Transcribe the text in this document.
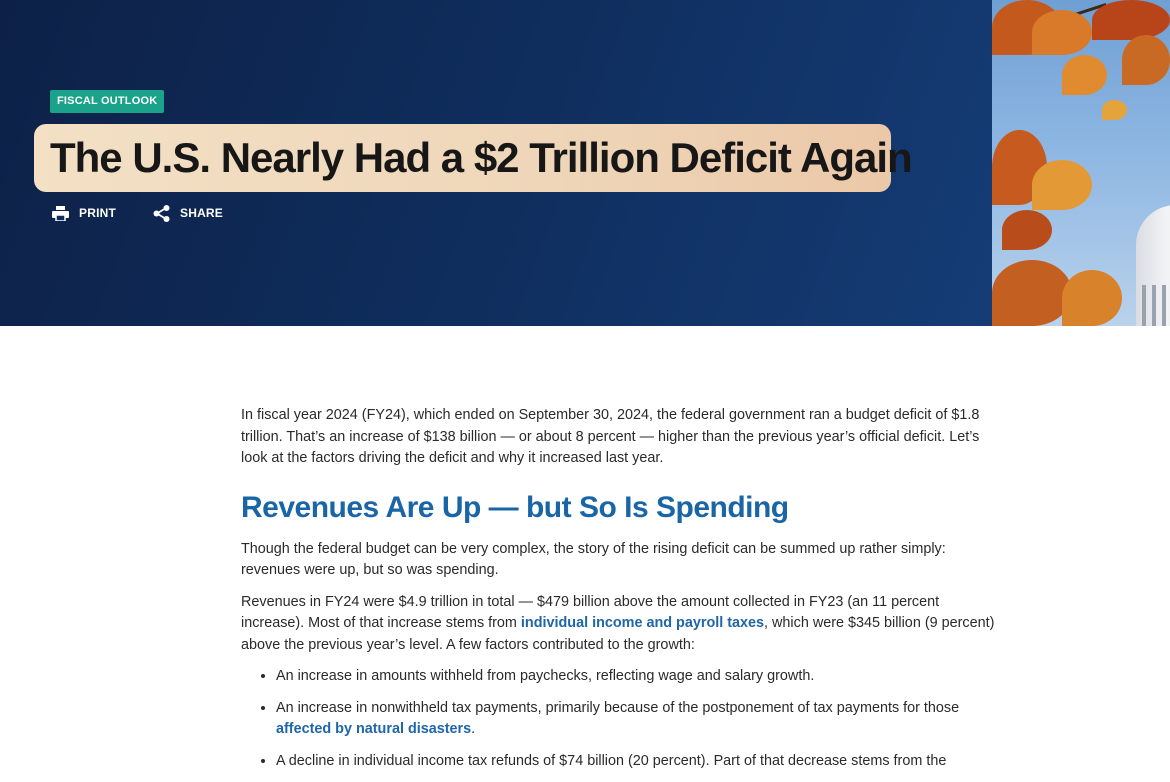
FISCAL OUTLOOK
The U.S. Nearly Had a $2 Trillion Deficit Again
PRINT	SHARE

In fiscal year 2024 (FY24), which ended on September 30, 2024, the federal government ran a budget deficit of $1.8 trillion. That’s an increase of $138 billion — or about 8 percent — higher than the previous year’s official deficit. Let’s look at the factors driving the deficit and why it increased last year.

Revenues Are Up — but So Is Spending

Though the federal budget can be very complex, the story of the rising deficit can be summed up rather simply: revenues were up, but so was spending.

Revenues in FY24 were $4.9 trillion in total — $479 billion above the amount collected in FY23 (an 11 percent increase). Most of that increase stems from individual income and payroll taxes, which were $345 billion (9 percent) above the previous year’s level. A few factors contributed to the growth:

• An increase in amounts withheld from paychecks, reflecting wage and salary growth.
• An increase in nonwithheld tax payments, primarily because of the postponement of tax payments for those affected by natural disasters.
• A decline in individual income tax refunds of $74 billion (20 percent). Part of that decrease stems from the
